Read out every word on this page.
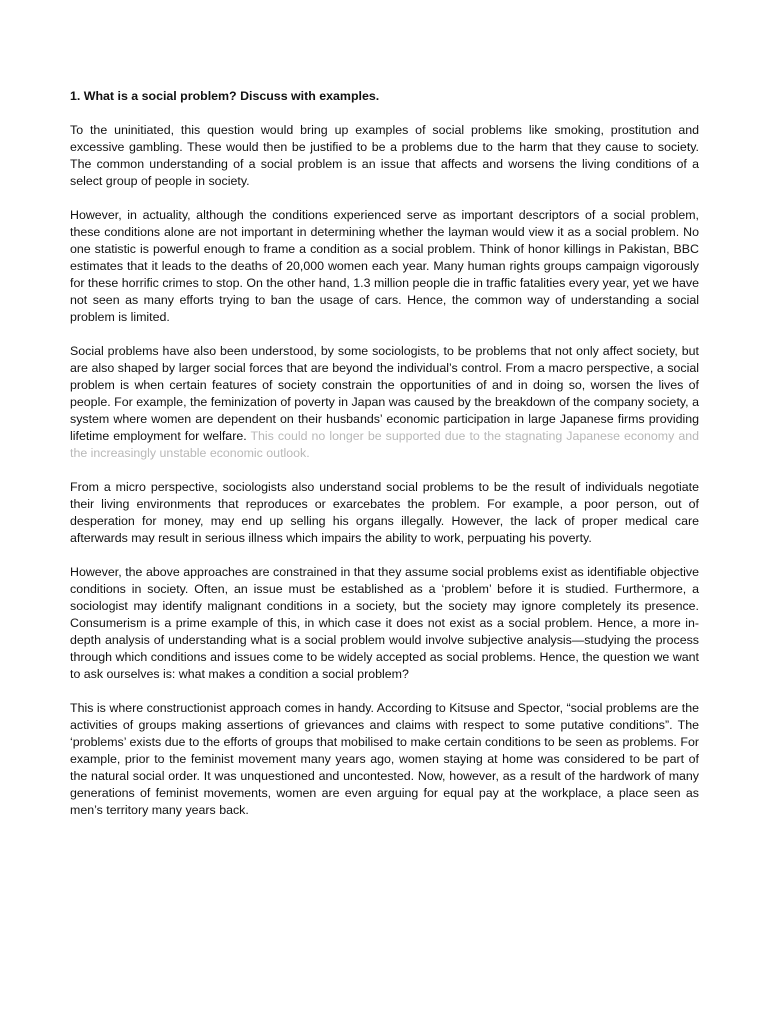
1. What is a social problem? Discuss with examples.

To the uninitiated, this question would bring up examples of social problems like smoking, prostitution and excessive gambling. These would then be justified to be a problems due to the harm that they cause to society. The common understanding of a social problem is an issue that affects and worsens the living conditions of a select group of people in society.

However, in actuality, although the conditions experienced serve as important descriptors of a social problem, these conditions alone are not important in determining whether the layman would view it as a social problem. No one statistic is powerful enough to frame a condition as a social problem. Think of honor killings in Pakistan, BBC estimates that it leads to the deaths of 20,000 women each year. Many human rights groups campaign vigorously for these horrific crimes to stop. On the other hand, 1.3 million people die in traffic fatalities every year, yet we have not seen as many efforts trying to ban the usage of cars. Hence, the common way of understanding a social problem is limited.

Social problems have also been understood, by some sociologists, to be problems that not only affect society, but are also shaped by larger social forces that are beyond the individual’s control. From a macro perspective, a social problem is when certain features of society constrain the opportunities of and in doing so, worsen the lives of people. For example, the feminization of poverty in Japan was caused by the breakdown of the company society, a system where women are dependent on their husbands’ economic participation in large Japanese firms providing lifetime employment for welfare. This could no longer be supported due to the stagnating Japanese economy and the increasingly unstable economic outlook.

From a micro perspective, sociologists also understand social problems to be the result of individuals negotiate their living environments that reproduces or exarcebates the problem. For example, a poor person, out of desperation for money, may end up selling his organs illegally. However, the lack of proper medical care afterwards may result in serious illness which impairs the ability to work, perpuating his poverty.

However, the above approaches are constrained in that they assume social problems exist as identifiable objective conditions in society. Often, an issue must be established as a ‘problem’ before it is studied. Furthermore, a sociologist may identify malignant conditions in a society, but the society may ignore completely its presence. Consumerism is a prime example of this, in which case it does not exist as a social problem. Hence, a more in-depth analysis of understanding what is a social problem would involve subjective analysis—studying the process through which conditions and issues come to be widely accepted as social problems. Hence, the question we want to ask ourselves is: what makes a condition a social problem?

This is where constructionist approach comes in handy. According to Kitsuse and Spector, “social problems are the activities of groups making assertions of grievances and claims with respect to some putative conditions”. The ‘problems’ exists due to the efforts of groups that mobilised to make certain conditions to be seen as problems. For example, prior to the feminist movement many years ago, women staying at home was considered to be part of the natural social order. It was unquestioned and uncontested. Now, however, as a result of the hardwork of many generations of feminist movements, women are even arguing for equal pay at the workplace, a place seen as men’s territory many years back.
